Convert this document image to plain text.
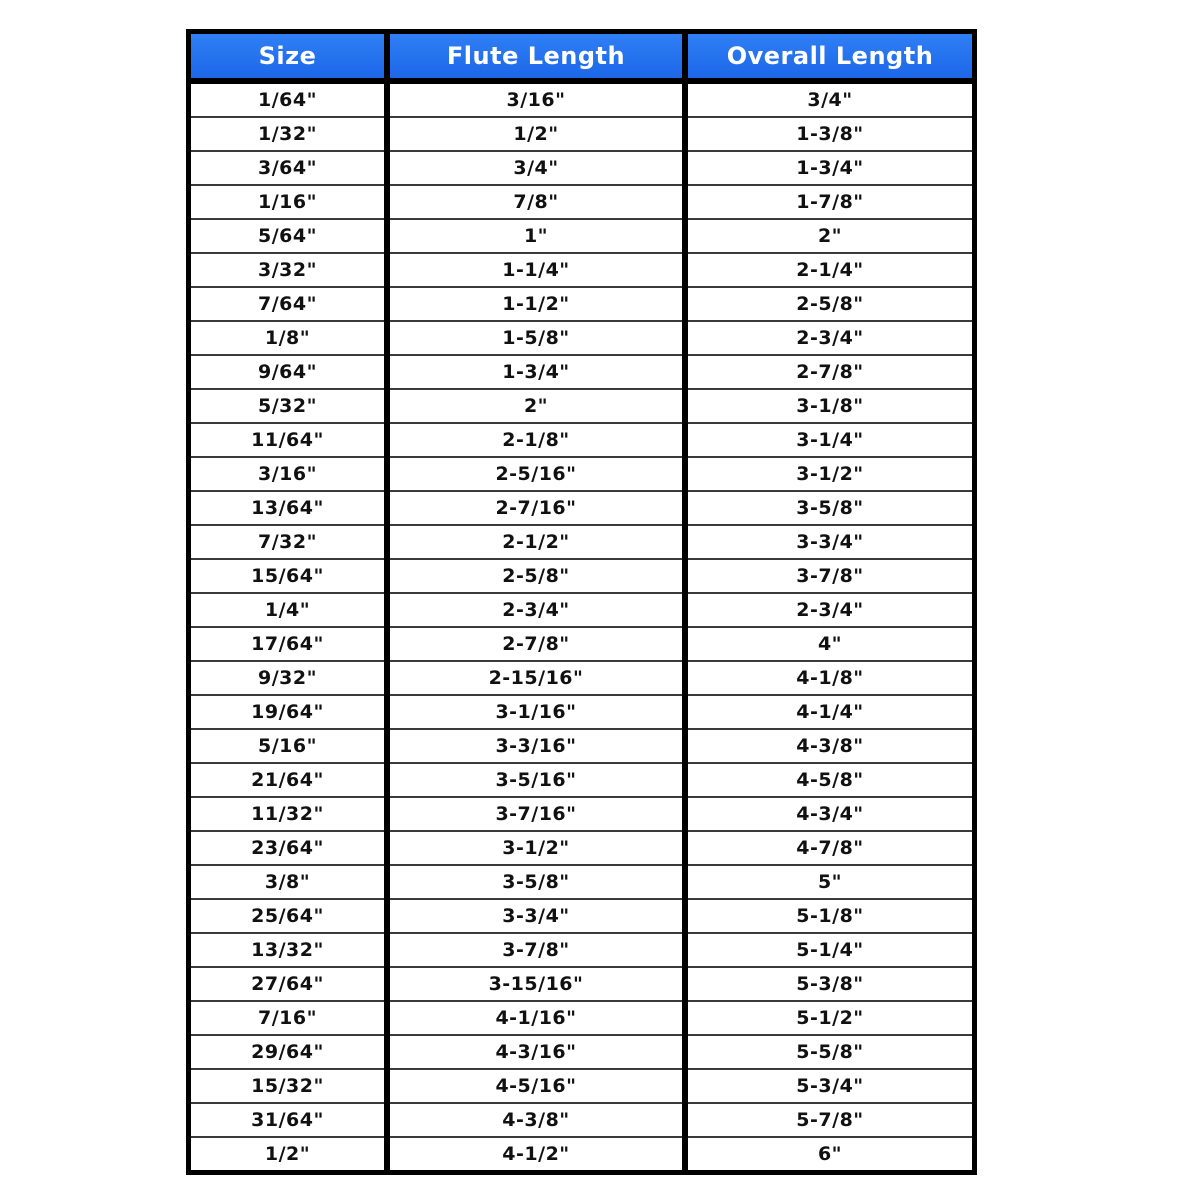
Size
1/64"
1/32"
3/64"
1/16"
5/64"
3/32"
7/64"
1/8"
9/64"
5/32"
11/64"
3/16"
13/64"
7/32"
15/64"
1/4"
17/64"
9/32"
19/64"
5/16"
21/64"
11/32"
23/64"
3/8"
25/64"
13/32"
27/64"
7/16"
29/64"
15/32"
31/64"
1/2"
Flute Length
3/16"
1/2"
3/4"
7/8"
1"
1-1/4"
1-1/2"
1-5/8"
1-3/4"
2"
2-1/8"
2-5/16"
2-7/16"
2-1/2"
2-5/8"
2-3/4"
2-7/8"
2-15/16"
3-1/16"
3-3/16"
3-5/16"
3-7/16"
3-1/2"
3-5/8"
3-3/4"
3-7/8"
3-15/16"
4-1/16"
4-3/16"
4-5/16"
4-3/8"
4-1/2"
Overall Length
3/4"
1-3/8"
1-3/4"
1-7/8"
2"
2-1/4"
2-5/8"
2-3/4"
2-7/8"
3-1/8"
3-1/4"
3-1/2"
3-5/8"
3-3/4"
3-7/8"
2-3/4"
4"
4-1/8"
4-1/4"
4-3/8"
4-5/8"
4-3/4"
4-7/8"
5"
5-1/8"
5-1/4"
5-3/8"
5-1/2"
5-5/8"
5-3/4"
5-7/8"
6"
